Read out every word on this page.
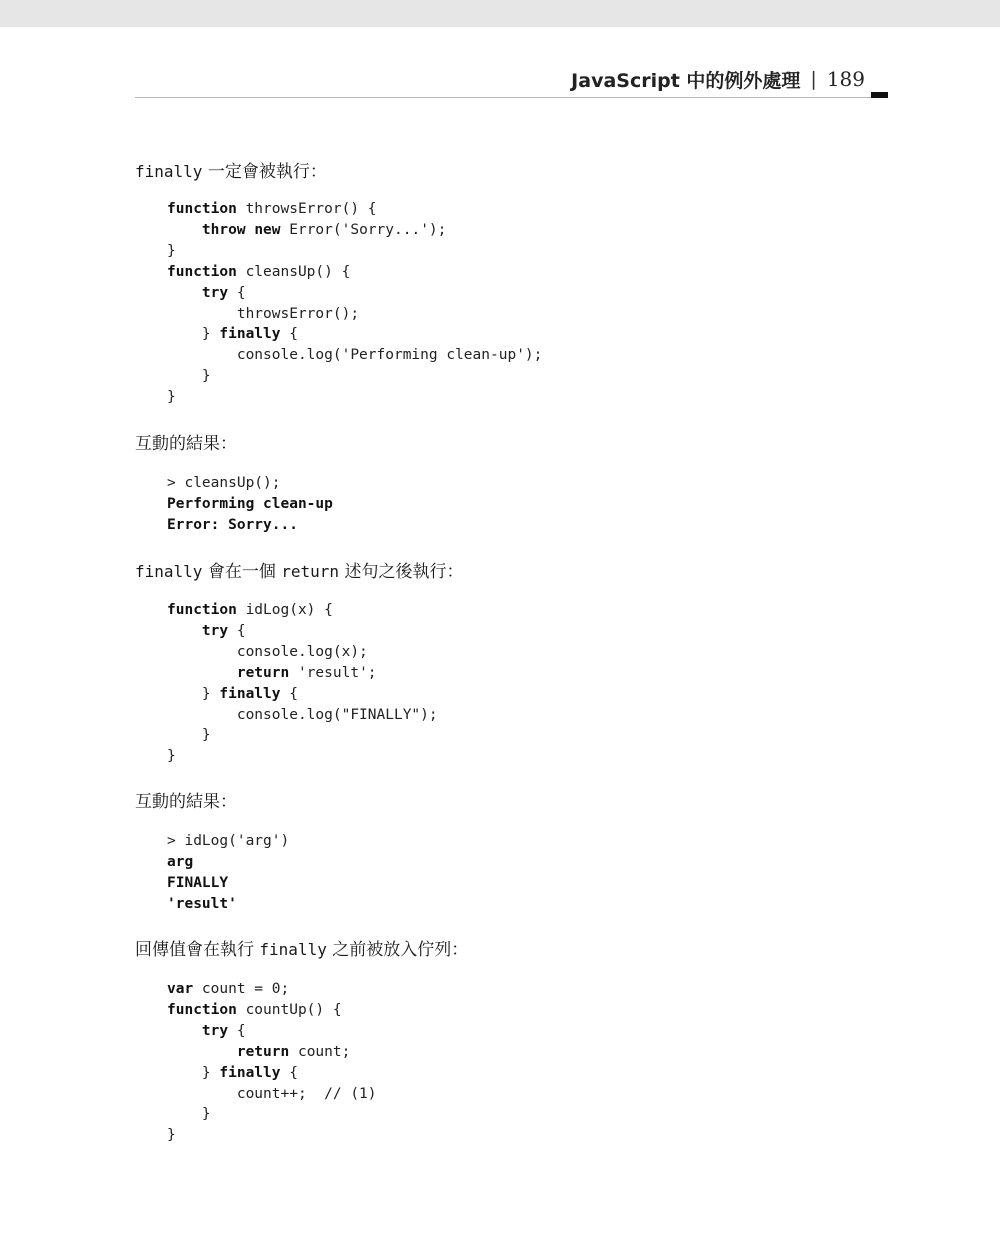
JavaScript 中的例外處理 | 189
finally 一定會被執行：
function throwsError() {
throw new Error('Sorry...');
}
function cleansUp() {
try {
throwsError();
} finally {
console.log('Performing clean-up');
}
}
互動的結果：
> cleansUp();
Performing clean-up
Error: Sorry...
finally 會在一個 return 述句之後執行：
function idLog(x) {
try {
console.log(x);
return 'result';
} finally {
console.log("FINALLY");
}
}
互動的結果：
> idLog('arg')
arg
FINALLY
'result'
回傳值會在執行 finally 之前被放入佇列：
var count = 0;
function countUp() {
try {
return count;
} finally {
count++;  // (1)
}
}
